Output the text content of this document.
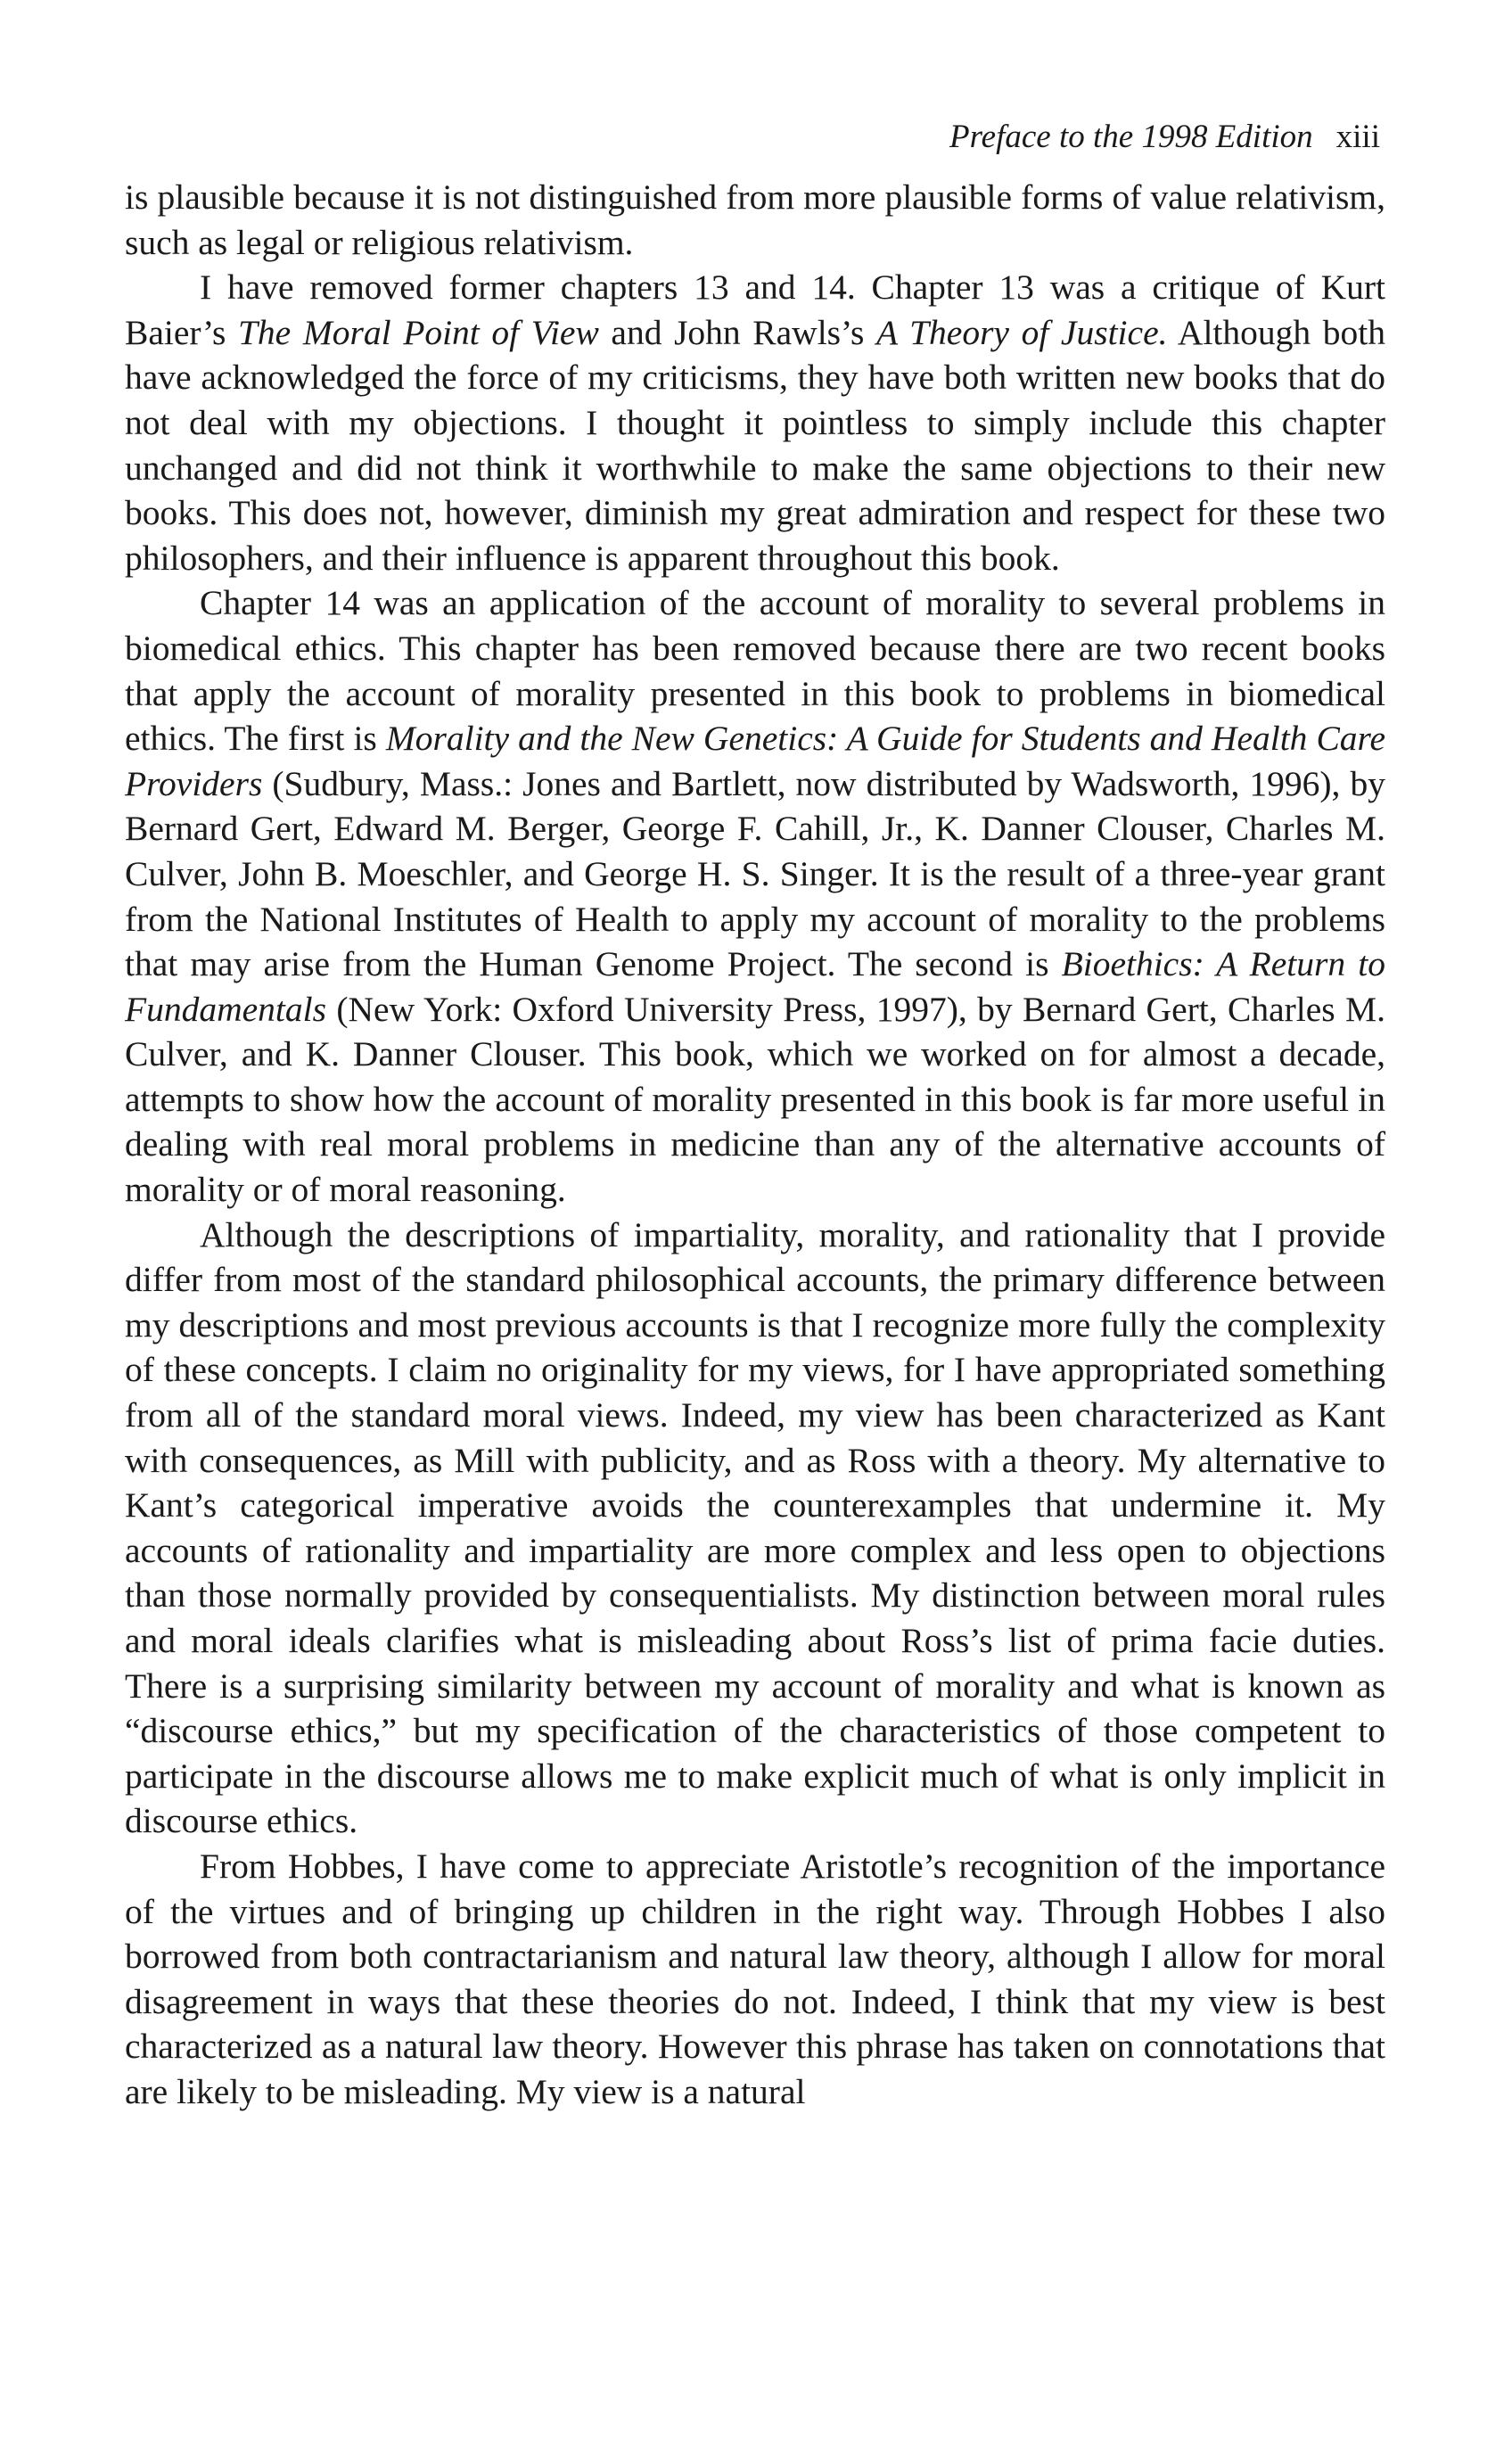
Preface to the 1998 Edition xiii

is plausible because it is not distinguished from more plausible forms of value relativism, such as legal or religious relativism.

I have removed former chapters 13 and 14. Chapter 13 was a critique of Kurt Baier’s The Moral Point of View and John Rawls’s A Theory of Justice. Although both have acknowledged the force of my criticisms, they have both written new books that do not deal with my objections. I thought it pointless to simply include this chapter unchanged and did not think it worthwhile to make the same objections to their new books. This does not, however, diminish my great admiration and respect for these two philosophers, and their influence is apparent throughout this book.

Chapter 14 was an application of the account of morality to several problems in biomedical ethics. This chapter has been removed because there are two recent books that apply the account of morality presented in this book to problems in biomedical ethics. The first is Morality and the New Genetics: A Guide for Students and Health Care Providers (Sudbury, Mass.: Jones and Bartlett, now distributed by Wadsworth, 1996), by Bernard Gert, Edward M. Berger, George F. Cahill, Jr., K. Danner Clouser, Charles M. Culver, John B. Moeschler, and George H. S. Singer. It is the result of a three-year grant from the National Institutes of Health to apply my account of morality to the problems that may arise from the Human Genome Project. The second is Bioethics: A Return to Fundamentals (New York: Oxford University Press, 1997), by Bernard Gert, Charles M. Culver, and K. Danner Clouser. This book, which we worked on for almost a decade, attempts to show how the account of morality presented in this book is far more useful in dealing with real moral problems in medicine than any of the alternative accounts of morality or of moral reasoning.

Although the descriptions of impartiality, morality, and rationality that I provide differ from most of the standard philosophical accounts, the primary difference between my descriptions and most previous accounts is that I recognize more fully the complexity of these concepts. I claim no originality for my views, for I have appropriated something from all of the standard moral views. Indeed, my view has been characterized as Kant with consequences, as Mill with publicity, and as Ross with a theory. My alternative to Kant’s categorical imperative avoids the counterexamples that undermine it. My accounts of rationality and impartiality are more complex and less open to objections than those normally provided by consequentialists. My distinction between moral rules and moral ideals clarifies what is misleading about Ross’s list of prima facie duties. There is a surprising similarity between my account of morality and what is known as “discourse ethics,” but my specification of the characteristics of those competent to participate in the discourse allows me to make explicit much of what is only implicit in discourse ethics.

From Hobbes, I have come to appreciate Aristotle’s recognition of the importance of the virtues and of bringing up children in the right way. Through Hobbes I also borrowed from both contractarianism and natural law theory, although I allow for moral disagreement in ways that these theories do not. Indeed, I think that my view is best characterized as a natural law theory. However this phrase has taken on connotations that are likely to be misleading. My view is a natural
